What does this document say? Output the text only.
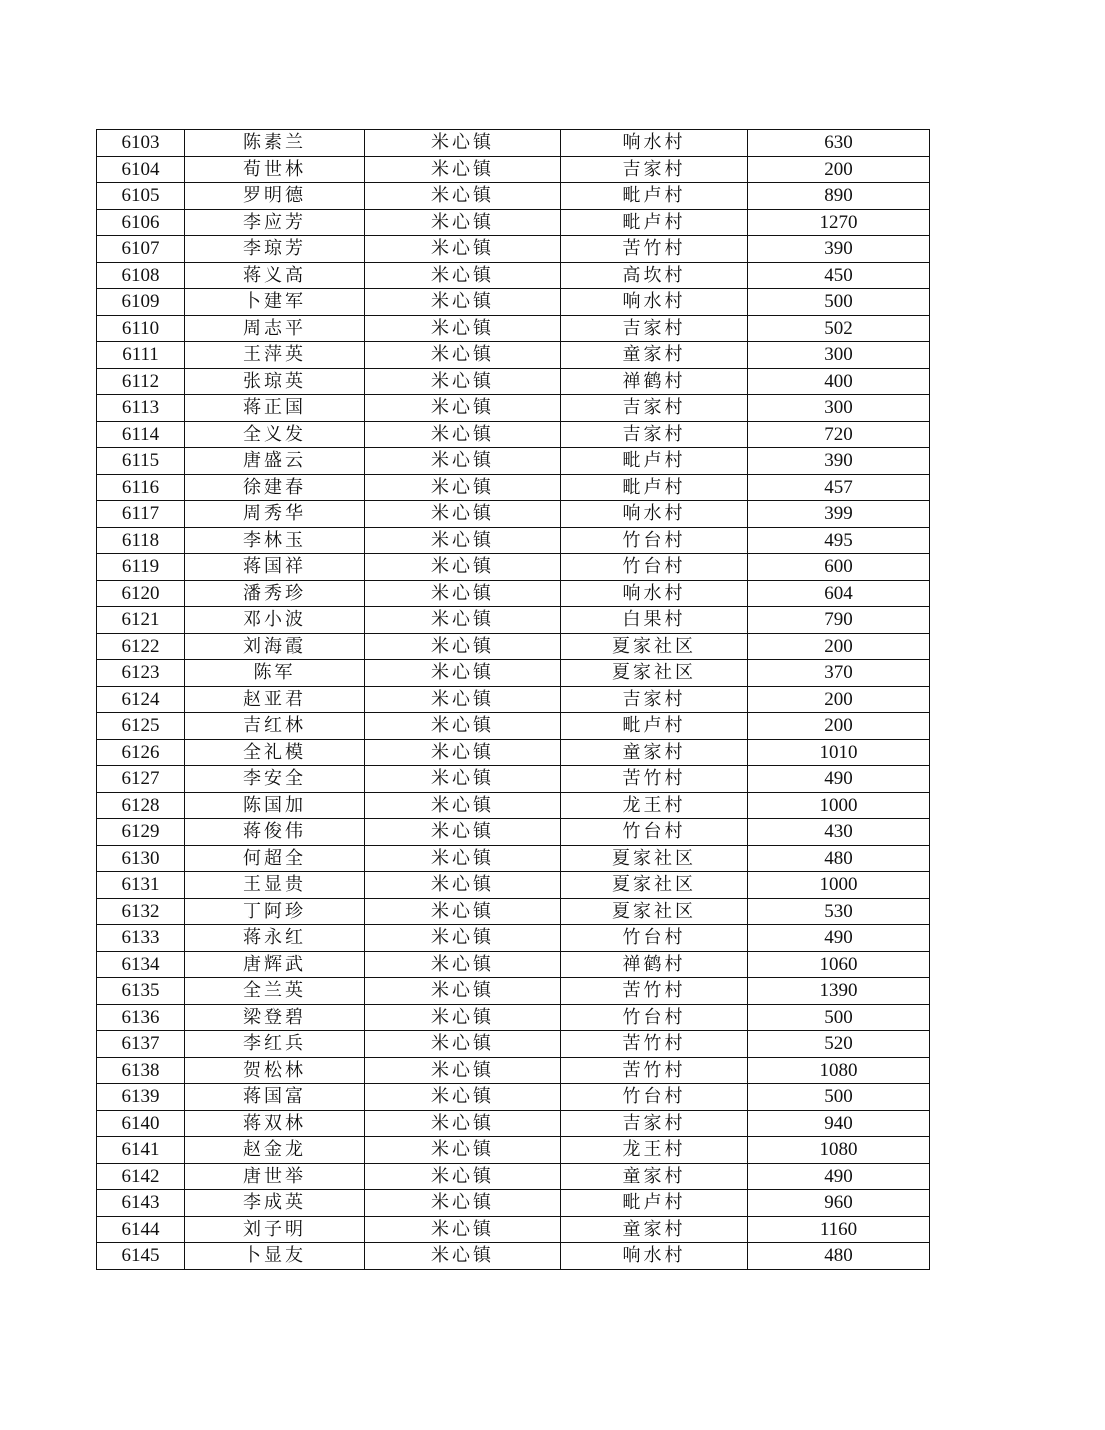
6103	陈素兰	米心镇	响水村	630
6104	荀世林	米心镇	吉家村	200
6105	罗明德	米心镇	毗卢村	890
6106	李应芳	米心镇	毗卢村	1270
6107	李琼芳	米心镇	苦竹村	390
6108	蒋义高	米心镇	高坎村	450
6109	卜建军	米心镇	响水村	500
6110	周志平	米心镇	吉家村	502
6111	王萍英	米心镇	童家村	300
6112	张琼英	米心镇	禅鹤村	400
6113	蒋正国	米心镇	吉家村	300
6114	全义发	米心镇	吉家村	720
6115	唐盛云	米心镇	毗卢村	390
6116	徐建春	米心镇	毗卢村	457
6117	周秀华	米心镇	响水村	399
6118	李林玉	米心镇	竹台村	495
6119	蒋国祥	米心镇	竹台村	600
6120	潘秀珍	米心镇	响水村	604
6121	邓小波	米心镇	白果村	790
6122	刘海霞	米心镇	夏家社区	200
6123	陈军	米心镇	夏家社区	370
6124	赵亚君	米心镇	吉家村	200
6125	吉红林	米心镇	毗卢村	200
6126	全礼模	米心镇	童家村	1010
6127	李安全	米心镇	苦竹村	490
6128	陈国加	米心镇	龙王村	1000
6129	蒋俊伟	米心镇	竹台村	430
6130	何超全	米心镇	夏家社区	480
6131	王显贵	米心镇	夏家社区	1000
6132	丁阿珍	米心镇	夏家社区	530
6133	蒋永红	米心镇	竹台村	490
6134	唐辉武	米心镇	禅鹤村	1060
6135	全兰英	米心镇	苦竹村	1390
6136	梁登碧	米心镇	竹台村	500
6137	李红兵	米心镇	苦竹村	520
6138	贺松林	米心镇	苦竹村	1080
6139	蒋国富	米心镇	竹台村	500
6140	蒋双林	米心镇	吉家村	940
6141	赵金龙	米心镇	龙王村	1080
6142	唐世举	米心镇	童家村	490
6143	李成英	米心镇	毗卢村	960
6144	刘子明	米心镇	童家村	1160
6145	卜显友	米心镇	响水村	480
